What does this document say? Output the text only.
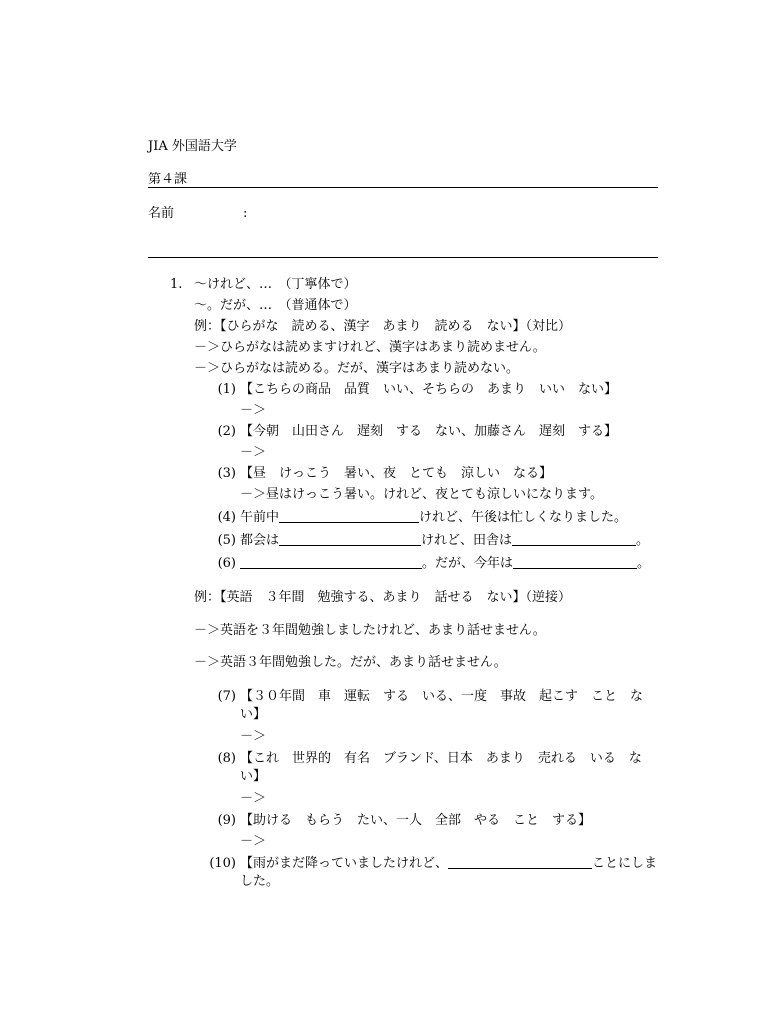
JIA 外国語大学
第４課
名前	:
1. ～けれど、…　（丁寧体で）
～。だが、…　（普通体で）
例：【ひらがな　読める、漢字　あまり　読める　ない】（対比）
－＞ひらがなは読めますけれど、漢字はあまり読めません。
－＞ひらがなは読める。だが、漢字はあまり読めない。
(1) 【こちらの商品　品質　いい、そちらの　あまり　いい　ない】
－＞
(2) 【今朝　山田さん　遅刻　する　ない、加藤さん　遅刻　する】
－＞
(3) 【昼　けっこう　暑い、夜　とても　涼しい　なる】
－＞昼はけっこう暑い。けれど、夜とても涼しいになります。
(4) 午前中	けれど、午後は忙しくなりました。
(5) 都会は	けれど、田舎は	。
(6)	。だが、今年は	。
例：【英語　３年間　勉強する、あまり　話せる　ない】（逆接）
－＞英語を３年間勉強しましたけれど、あまり話せません。
－＞英語３年間勉強した。だが、あまり話せません。
(7) 【３０年間　車　運転　する　いる、一度　事故　起こす　こと　ない】
－＞
(8) 【これ　世界的　有名　ブランド、日本　あまり　売れる　いる　ない】
－＞
(9) 【助ける　もらう　たい、一人　全部　やる　こと　する】
－＞
(10) 【雨がまだ降っていましたけれど、	ことにしました。
